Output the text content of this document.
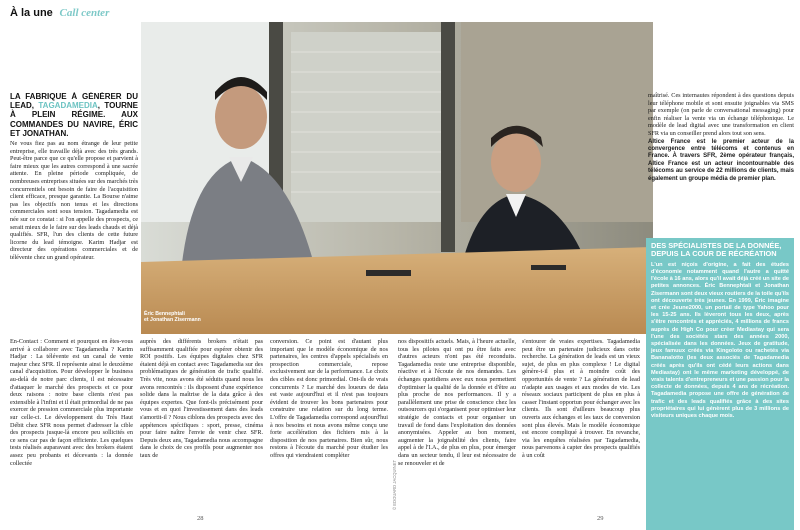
À la une Call center
LA FABRIQUE À GÉNÉRER DU LEAD, TAGADAMEDIA, TOURNE À PLEIN RÉGIME. AUX COMMANDES DU NAVIRE, ÉRIC ET JONATHAN.

Ne vous fiez pas au nom étrange de leur petite entreprise, elle travaille déjà avec des très grands. Peut-être parce que ce qu'elle propose et parvient à faire mieux que les autres correspond à une sacrée attente. En pleine période compliquée, de nombreuses entreprises situées sur des marchés très concurrentiels ont besoin de faire de l'acquisition client efficace, presque garantie. La Bourse n'aime pas les objectifs non tenus et les directions commerciales sont sous tension. Tagadamedia est née sur ce constat : si l'on appelle des prospects, ce serait mieux de le faire sur des leads chauds et déjà qualifiés. SFR, l'un des clients de cette future licorne du lead témoigne. Karim Hadjar est directeur des opérations commerciales et de télévente chez un grand opérateur.

Éric Bennephtali
et Jonathan Zisermann

maîtrisé. Ces internautes répondent à des questions depuis leur téléphone mobile et sont ensuite joignables via SMS par exemple (on parle de conversational messaging) pour enfin réaliser la vente via un échange téléphonique. Le modèle de lead digital avec une transformation en client SFR via un conseiller prend alors tout son sens.

Altice France est le premier acteur de la convergence entre télécoms et contenus en France. À travers SFR, 2ème opérateur français, Altice France est un acteur incontournable des télécoms au service de 22 millions de clients, mais également un groupe média de premier plan.

DES SPÉCIALISTES DE LA DONNÉE, DEPUIS LA COUR DE RÉCRÉATION

L'un est niçois d'origine, a fait des études d'économie notamment quand l'autre a quitté l'école à 16 ans, alors qu'il avait déjà créé un site de petites annonces. Éric Bennephtali et Jonathan Zisermann sont deux vieux routiers de la toile qu'ils ont découverte très jeunes. En 1999, Éric imagine et crée Jeune2000, un portail de type Yahoo pour les 15-25 ans. Ils lèveront tous les deux, après s'être rencontrés et appréciés, 4 millions de francs auprès de High Co pour créer Mediastay qui sera l'une des sociétés stars des années 2000, spécialisée dans les données. Jeux de gratitude, jeux famuux créés via Kingoloto ou rachetés via Bananalotto (les deux associés de Tagadamedia créés après qu'ils ont cédé leurs actions dans Mediastay) ont le même marketing développé, de vrais talents d'entrepreneurs et une passion pour la collecte de données, depuis 4 ans de récréation. Tagadamedia propose une offre de génération de trafic et des leads qualifiés grâce à des sites propriétaires qui lui génèrent plus de 3 millions de visiteurs uniques chaque mois.

En-Contact : Comment et pourquoi en êtes-vous arrivé à collaborer avec Tagadamedia ? Karim Hadjar : La télévente est un canal de vente majeur chez SFR. Il représente ainsi le deuxième canal d'acquisition. Pour développer le business au-delà de notre parc clients, il est nécessaire d'attaquer le marché des prospects et ce pour deux raisons : notre base clients n'est pas extensible à l'infini et il était primordial de ne pas exercer de pression commerciale plus importante sur celle-ci. Le développement du Très Haut Débit chez SFR nous permet d'adresser la cible des prospects jusque-là encore peu sollicités en ce sens car pas de façon efficiente. Les quelques tests réalisés auparavant avec des brokers étaient assez peu probants et décevants : la donnée collectée

auprès des différents brokers n'était pas suffisamment qualifiée pour espérer obtenir des ROI positifs. Les équipes digitales chez SFR étaient déjà en contact avec Tagadamedia sur des problématiques de génération de trafic qualifié. Très vite, nous avons été séduits quand nous les avons rencontrés : ils disposent d'une expérience solide dans la maîtrise de la data grâce à des équipes expertes. Que font-ils précisément pour vous et en quoi l'investissement dans des leads s'amortit-il ? Nous ciblons des prospects avec des appétences spécifiques : sport, presse, cinéma pour faire naître l'envie de venir chez SFR. Depuis deux ans, Tagadamedia nous accompagne dans le choix de ces profils pour augmenter nos taux de

conversion. Ce point est d'autant plus important que le modèle économique de nos partenaires, les centres d'appels spécialisés en prospection commerciale, repose exclusivement sur de la performance. Le choix des cibles est donc primordial. Ont-ils de vrais concurrents ? Le marché des loueurs de data est vaste aujourd'hui et il n'est pas toujours évident de trouver les bons partenaires pour construire une relation sur du long terme. L'offre de Tagadamedia correspond aujourd'hui à nos besoins et nous avons même conçu une forte accélération des fichiers mis à la disposition de nos partenaires. Bien sûr, nous restons à l'écoute du marché pour étudier les offres qui viendraient compléter

nos dispositifs actuels. Mais, à l'heure actuelle, tous les pilotes qui ont pu être faits avec d'autres acteurs n'ont pas été reconduits. Tagadamedia reste une entreprise disponible, réactive et à l'écoute de nos demandes. Les échanges quotidiens avec eux nous permettent d'optimiser la qualité de la donnée et d'être au plus proche de nos performances. Il y a parallèlement une prise de conscience chez les outsourcers qui s'organisent pour optimiser leur stratégie de contacts et pour organiser un travail de fond dans l'exploitation des données anonymisées. Appeler au bon moment, augmenter la joignabilité des clients, faire appel à de l'I.A., de plus en plus, pour émerger dans un secteur tendu, il leur est nécessaire de se renouveler et de

s'entourer de vraies expertises. Tagadamedia peut être un partenaire judicieux dans cette recherche. La génération de leads est un vieux sujet, de plus en plus complexe ! Le digital génère-t-il plus et à moindre coût des opportunités de vente ? La génération de lead n'adapte aux usages et aux modes de vie. Les réseaux sociaux participent de plus en plus à casser l'instant opportun pour échanger avec les clients. Ils sont d'ailleurs beaucoup plus ouverts aux échanges et les taux de conversion sont plus élevés. Mais le modèle économique est encore compliqué à trouver. En revanche, via les enquêtes réalisées par Tagadamedia, nous parvenons à capter des prospects qualifiés à un coût

© EDOUARD JACQUINET
28	29
